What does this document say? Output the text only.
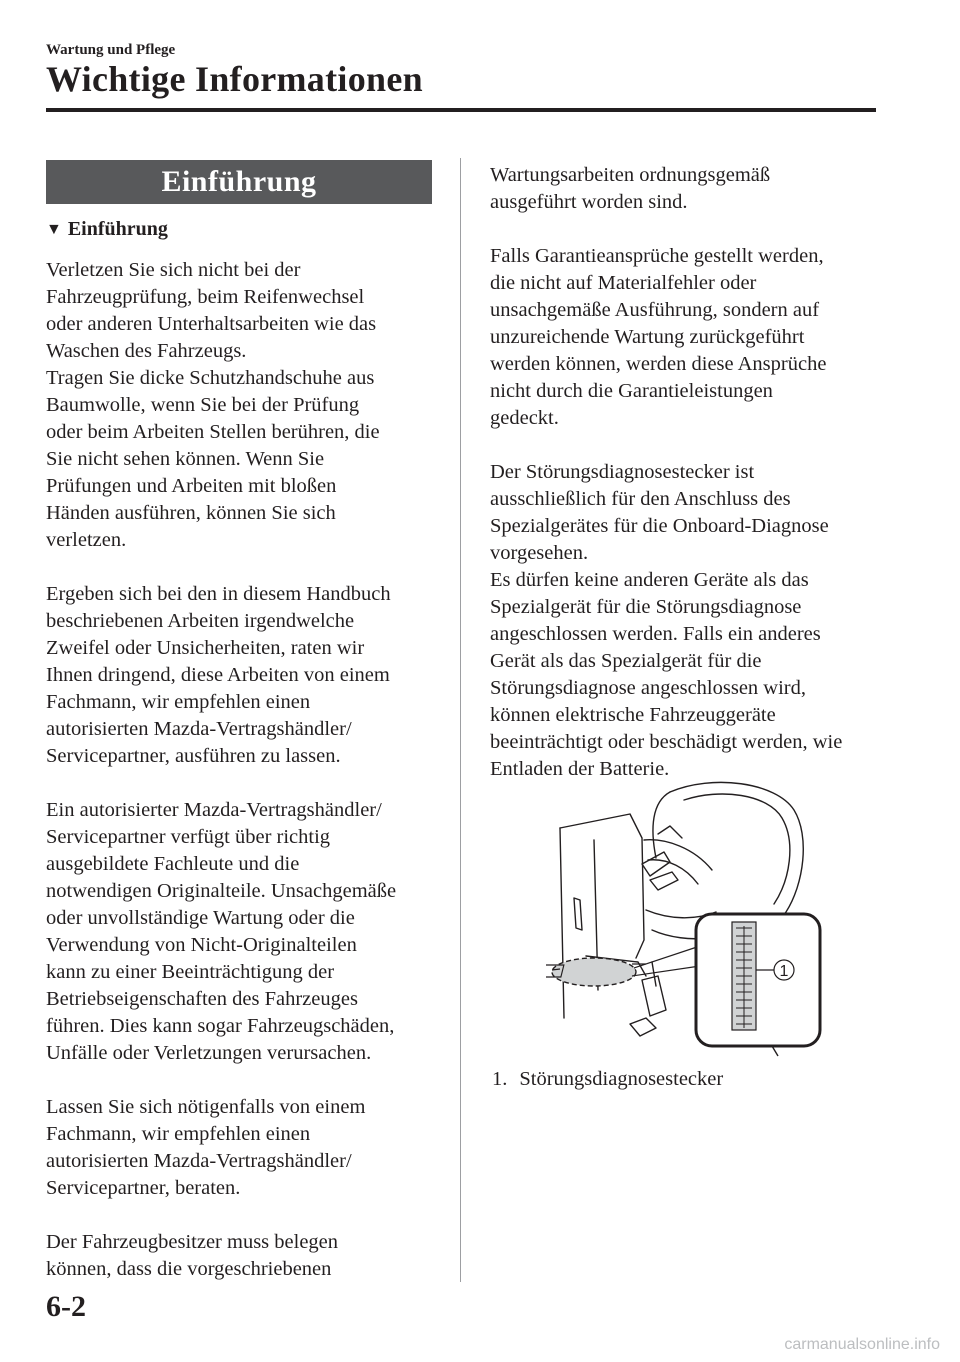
Wartung und Pflege
Wichtige Informationen
Einführung
▼ Einführung

Verletzen Sie sich nicht bei der
Fahrzeugprüfung, beim Reifenwechsel
oder anderen Unterhaltsarbeiten wie das
Waschen des Fahrzeugs.
Tragen Sie dicke Schutzhandschuhe aus
Baumwolle, wenn Sie bei der Prüfung
oder beim Arbeiten Stellen berühren, die
Sie nicht sehen können. Wenn Sie
Prüfungen und Arbeiten mit bloßen
Händen ausführen, können Sie sich
verletzen.

Ergeben sich bei den in diesem Handbuch
beschriebenen Arbeiten irgendwelche
Zweifel oder Unsicherheiten, raten wir
Ihnen dringend, diese Arbeiten von einem
Fachmann, wir empfehlen einen
autorisierten Mazda-Vertragshändler/
Servicepartner, ausführen zu lassen.

Ein autorisierter Mazda-Vertragshändler/
Servicepartner verfügt über richtig
ausgebildete Fachleute und die
notwendigen Originalteile. Unsachgemäße
oder unvollständige Wartung oder die
Verwendung von Nicht-Originalteilen
kann zu einer Beeinträchtigung der
Betriebseigenschaften des Fahrzeuges
führen. Dies kann sogar Fahrzeugschäden,
Unfälle oder Verletzungen verursachen.

Lassen Sie sich nötigenfalls von einem
Fachmann, wir empfehlen einen
autorisierten Mazda-Vertragshändler/
Servicepartner, beraten.

Der Fahrzeugbesitzer muss belegen
können, dass die vorgeschriebenen

Wartungsarbeiten ordnungsgemäß
ausgeführt worden sind.

Falls Garantieansprüche gestellt werden,
die nicht auf Materialfehler oder
unsachgemäße Ausführung, sondern auf
unzureichende Wartung zurückgeführt
werden können, werden diese Ansprüche
nicht durch die Garantieleistungen
gedeckt.

Der Störungsdiagnosestecker ist
ausschließlich für den Anschluss des
Spezialgerätes für die Onboard-Diagnose
vorgesehen.
Es dürfen keine anderen Geräte als das
Spezialgerät für die Störungsdiagnose
angeschlossen werden. Falls ein anderes
Gerät als das Spezialgerät für die
Störungsdiagnose angeschlossen wird,
können elektrische Fahrzeuggeräte
beeinträchtigt oder beschädigt werden, wie
Entladen der Batterie.

1
1. Störungsdiagnosestecker
6-2
carmanualsonline.info
